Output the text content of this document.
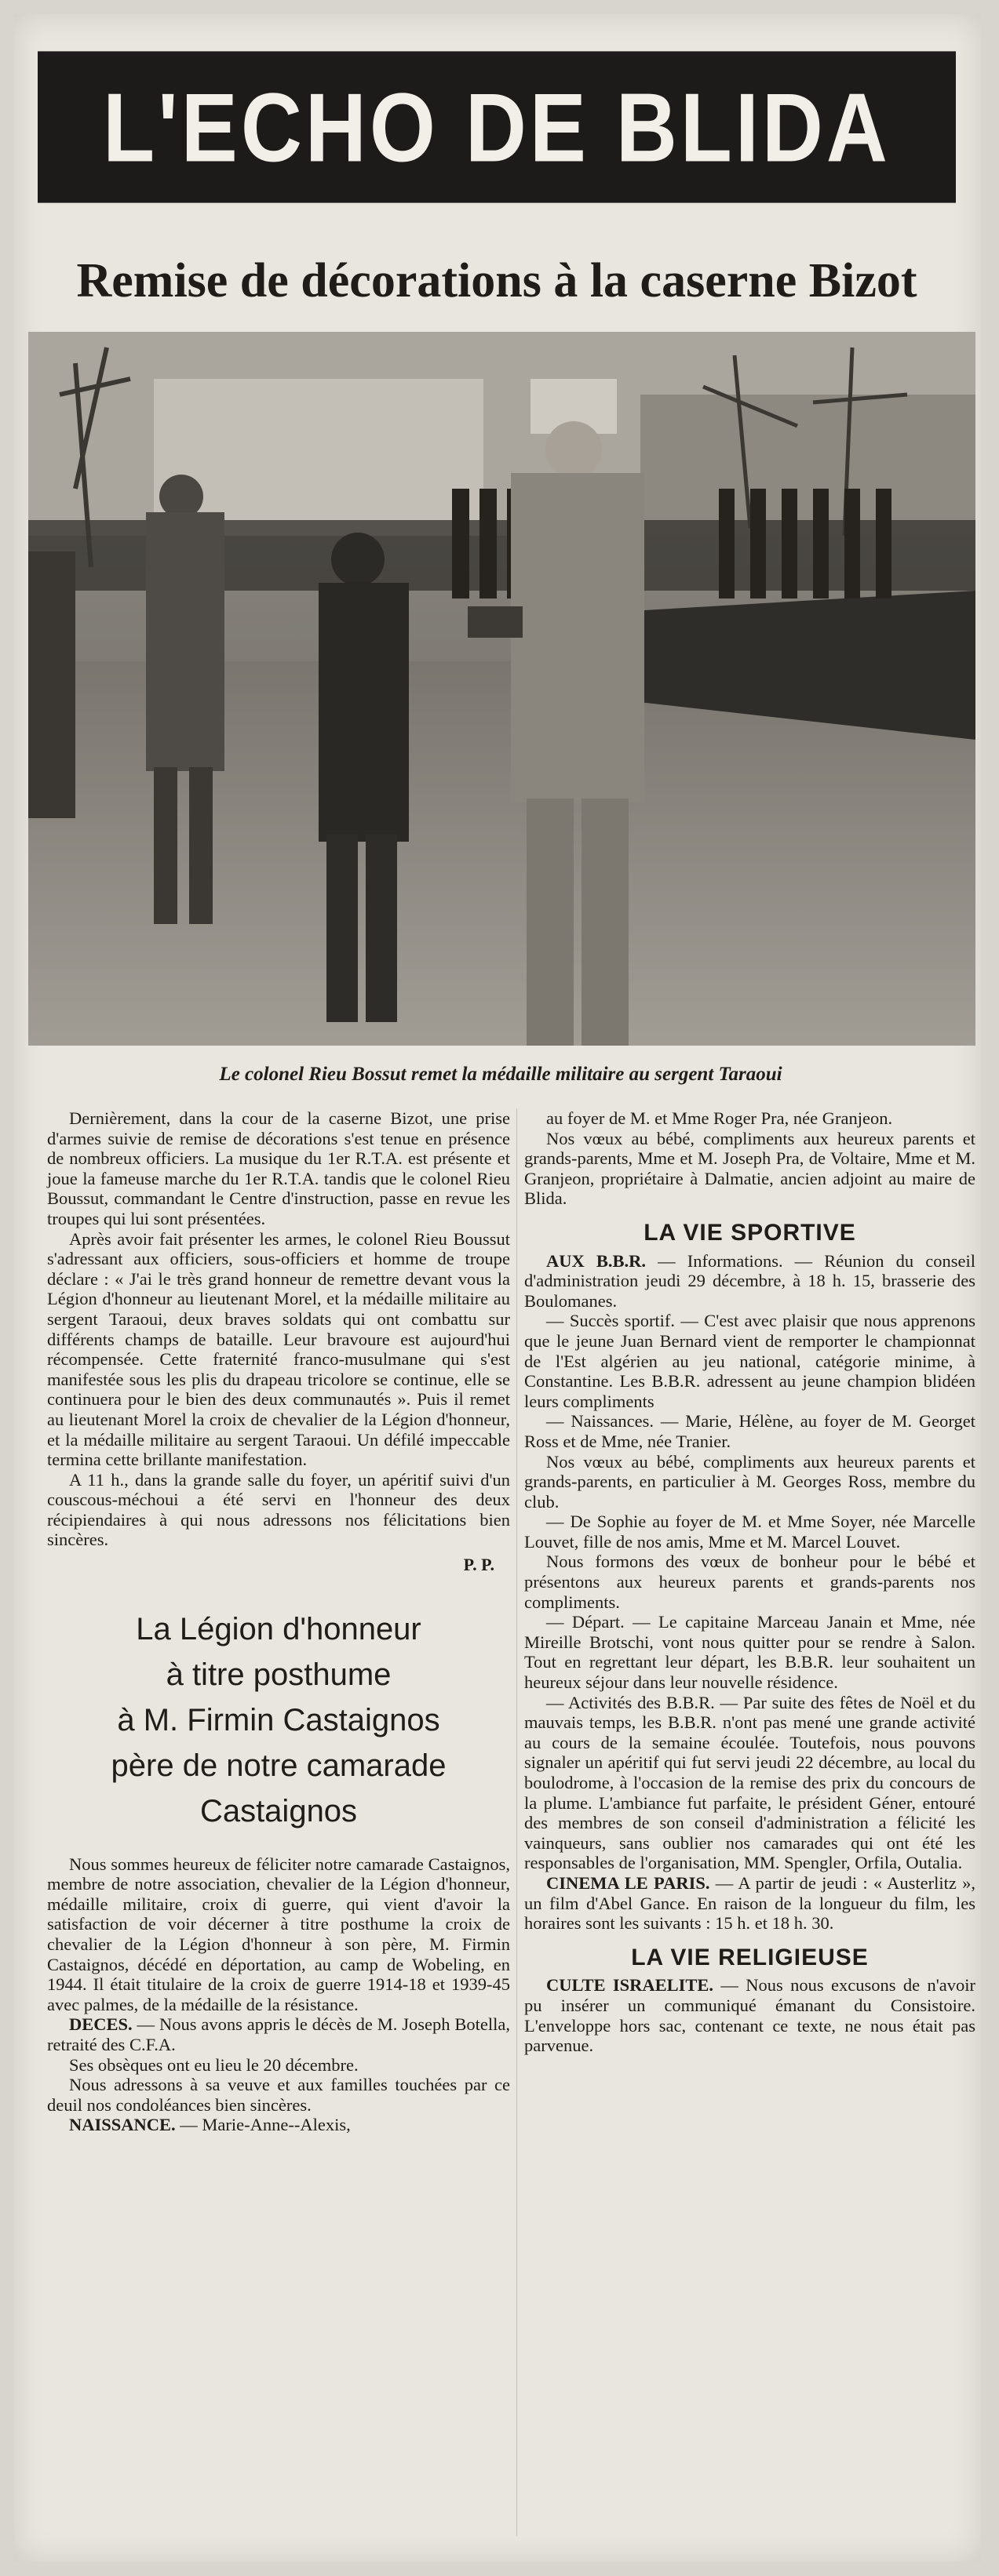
L'ECHO DE BLIDA
Remise de décorations à la caserne Bizot
Le colonel Rieu Bossut remet la médaille militaire au sergent Taraoui

Dernièrement, dans la cour de la caserne Bizot, une prise d'armes suivie de remise de décorations s'est tenue en présence de nombreux officiers. La musique du 1er R.T.A. est présente et joue la fameuse marche du 1er R.T.A. tandis que le colonel Rieu Boussut, commandant le Centre d'instruction, passe en revue les troupes qui lui sont présentées.

Après avoir fait présenter les armes, le colonel Rieu Boussut s'adressant aux officiers, sous-officiers et homme de troupe déclare : « J'ai le très grand honneur de remettre devant vous la Légion d'honneur au lieutenant Morel, et la médaille militaire au sergent Taraoui, deux braves soldats qui ont combattu sur différents champs de bataille. Leur bravoure est aujourd'hui récompensée. Cette fraternité franco-musulmane qui s'est manifestée sous les plis du drapeau tricolore se continue, elle se continuera pour le bien des deux communautés ». Puis il remet au lieutenant Morel la croix de chevalier de la Légion d'honneur, et la médaille militaire au sergent Taraoui. Un défilé impeccable termina cette brillante manifestation.

A 11 h., dans la grande salle du foyer, un apéritif suivi d'un couscous-méchoui a été servi en l'honneur des deux récipiendaires à qui nous adressons nos félicitations bien sincères.

P. P.
La Légion d'honneur
à titre posthume
à M. Firmin Castaignos
père de notre camarade
Castaignos

Nous sommes heureux de féliciter notre camarade Castaignos, membre de notre association, chevalier de la Légion d'honneur, médaille militaire, croix di guerre, qui vient d'avoir la satisfaction de voir décerner à titre posthume la croix de chevalier de la Légion d'honneur à son père, M. Firmin Castaignos, décédé en déportation, au camp de Wobeling, en 1944. Il était titulaire de la croix de guerre 1914-18 et 1939-45 avec palmes, de la médaille de la résistance.

DECES. — Nous avons appris le décès de M. Joseph Botella, retraité des C.F.A.

Ses obsèques ont eu lieu le 20 décembre.

Nous adressons à sa veuve et aux familles touchées par ce deuil nos condoléances bien sincères.

NAISSANCE. — Marie-Anne--Alexis,

au foyer de M. et Mme Roger Pra, née Granjeon.

Nos vœux au bébé, compliments aux heureux parents et grands-parents, Mme et M. Joseph Pra, de Voltaire, Mme et M. Granjeon, propriétaire à Dalmatie, ancien adjoint au maire de Blida.

LA VIE SPORTIVE

AUX B.B.R. — Informations. — Réunion du conseil d'administration jeudi 29 décembre, à 18 h. 15, brasserie des Boulomanes.

— Succès sportif. — C'est avec plaisir que nous apprenons que le jeune Juan Bernard vient de remporter le championnat de l'Est algérien au jeu national, catégorie minime, à Constantine. Les B.B.R. adressent au jeune champion blidéen leurs compliments

— Naissances. — Marie, Hélène, au foyer de M. Georget Ross et de Mme, née Tranier.

Nos vœux au bébé, compliments aux heureux parents et grands-parents, en particulier à M. Georges Ross, membre du club.

— De Sophie au foyer de M. et Mme Soyer, née Marcelle Louvet, fille de nos amis, Mme et M. Marcel Louvet.

Nous formons des vœux de bonheur pour le bébé et présentons aux heureux parents et grands-parents nos compliments.

— Départ. — Le capitaine Marceau Janain et Mme, née Mireille Brotschi, vont nous quitter pour se rendre à Salon. Tout en regrettant leur départ, les B.B.R. leur souhaitent un heureux séjour dans leur nouvelle résidence.

— Activités des B.B.R. — Par suite des fêtes de Noël et du mauvais temps, les B.B.R. n'ont pas mené une grande activité au cours de la semaine écoulée. Toutefois, nous pouvons signaler un apéritif qui fut servi jeudi 22 décembre, au local du boulodrome, à l'occasion de la remise des prix du concours de la plume. L'ambiance fut parfaite, le président Géner, entouré des membres de son conseil d'administration a félicité les vainqueurs, sans oublier nos camarades qui ont été les responsables de l'organisation, MM. Spengler, Orfila, Outalia.

CINEMA LE PARIS. — A partir de jeudi : « Austerlitz », un film d'Abel Gance. En raison de la longueur du film, les horaires sont les suivants : 15 h. et 18 h. 30.

LA VIE RELIGIEUSE

CULTE ISRAELITE. — Nous nous excusons de n'avoir pu insérer un communiqué émanant du Consistoire. L'enveloppe hors sac, contenant ce texte, ne nous était pas parvenue.
